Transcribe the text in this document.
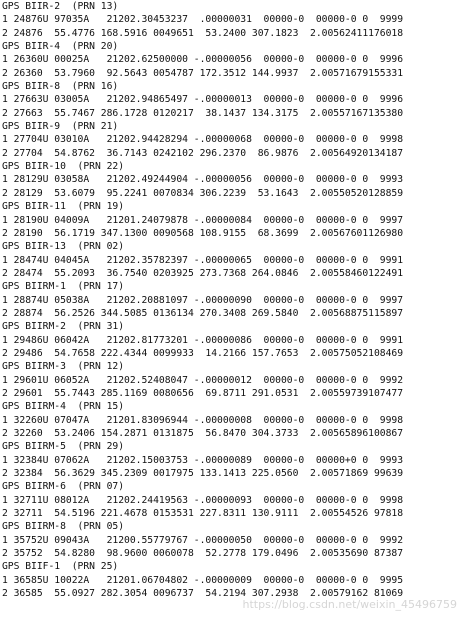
GPS BIIR-2  (PRN 13)
1 24876U 97035A   21202.30453237  .00000031  00000-0  00000-0 0  9999
2 24876  55.4776 168.5916 0049651  53.2400 307.1823  2.00562411176018
GPS BIIR-4  (PRN 20)
1 26360U 00025A   21202.62500000 -.00000056  00000-0  00000-0 0  9996
2 26360  53.7960  92.5643 0054787 172.3512 144.9937  2.00571679155331
GPS BIIR-8  (PRN 16)
1 27663U 03005A   21202.94865497 -.00000013  00000-0  00000-0 0  9996
2 27663  55.7467 286.1728 0120217  38.1437 134.3175  2.00557167135380
GPS BIIR-9  (PRN 21)
1 27704U 03010A   21202.94428294 -.00000068  00000-0  00000-0 0  9998
2 27704  54.8762  36.7143 0242102 296.2370  86.9876  2.00564920134187
GPS BIIR-10  (PRN 22)
1 28129U 03058A   21202.49244904 -.00000056  00000-0  00000-0 0  9993
2 28129  53.6079  95.2241 0070834 306.2239  53.1643  2.00550520128859
GPS BIIR-11  (PRN 19)
1 28190U 04009A   21201.24079878 -.00000084  00000-0  00000-0 0  9997
2 28190  56.1719 347.1300 0090568 108.9155  68.3699  2.00567601126980
GPS BIIR-13  (PRN 02)
1 28474U 04045A   21202.35782397 -.00000065  00000-0  00000-0 0  9991
2 28474  55.2093  36.7540 0203925 273.7368 264.0846  2.00558460122491
GPS BIIRM-1  (PRN 17)
1 28874U 05038A   21202.20881097 -.00000090  00000-0  00000-0 0  9997
2 28874  56.2526 344.5085 0136134 270.3408 269.5840  2.00568875115897
GPS BIIRM-2  (PRN 31)
1 29486U 06042A   21202.81773201 -.00000086  00000-0  00000-0 0  9991
2 29486  54.7658 222.4344 0099933  14.2166 157.7653  2.00575052108469
GPS BIIRM-3  (PRN 12)
1 29601U 06052A   21202.52408047 -.00000012  00000-0  00000-0 0  9992
2 29601  55.7443 285.1169 0080656  69.8711 291.0531  2.00559739107477
GPS BIIRM-4  (PRN 15)
1 32260U 07047A   21201.83096944 -.00000008  00000-0  00000-0 0  9998
2 32260  53.2406 154.2871 0131875  56.8470 304.3733  2.00565896100867
GPS BIIRM-5  (PRN 29)
1 32384U 07062A   21202.15003753 -.00000089  00000-0  00000+0 0  9993
2 32384  56.3629 345.2309 0017975 133.1413 225.0560  2.00571869 99639
GPS BIIRM-6  (PRN 07)
1 32711U 08012A   21202.24419563 -.00000093  00000-0  00000-0 0  9998
2 32711  54.5196 221.4678 0153531 227.8311 130.9111  2.00554526 97818
GPS BIIRM-8  (PRN 05)
1 35752U 09043A   21200.55779767 -.00000050  00000-0  00000-0 0  9992
2 35752  54.8280  98.9600 0060078  52.2778 179.0496  2.00535690 87387
GPS BIIF-1  (PRN 25)
1 36585U 10022A   21201.06704802 -.00000009  00000-0  00000-0 0  9995
2 36585  55.0927 282.3054 0096737  54.2194 307.2938  2.00579162 81069
https://blog.csdn.net/weixin_45496759
